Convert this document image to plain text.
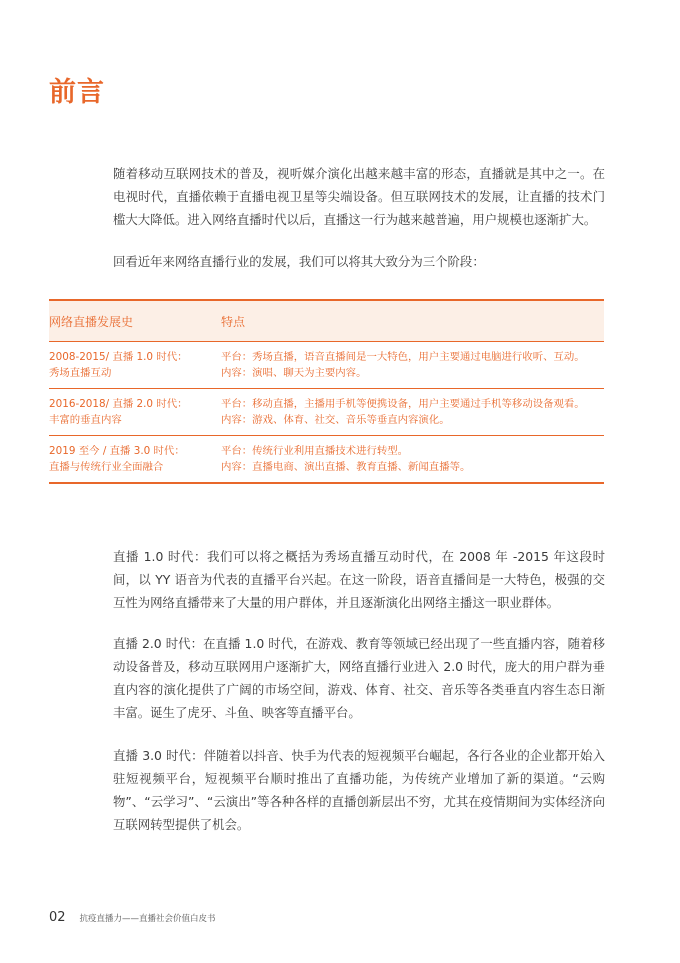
前言

随着移动互联网技术的普及，视听媒介演化出越来越丰富的形态，直播就是其中之一。在电视时代，直播依赖于直播电视卫星等尖端设备。但互联网技术的发展，让直播的技术门槛大大降低。进入网络直播时代以后，直播这一行为越来越普遍，用户规模也逐渐扩大。

回看近年来网络直播行业的发展，我们可以将其大致分为三个阶段：

网络直播发展史	特点
2008-2015/ 直播 1.0 时代：
秀场直播互动
平台：秀场直播，语音直播间是一大特色，用户主要通过电脑进行收听、互动。
内容：演唱、聊天为主要内容。
2016-2018/ 直播 2.0 时代：
丰富的垂直内容
平台：移动直播，主播用手机等便携设备，用户主要通过手机等移动设备观看。
内容：游戏、体育、社交、音乐等垂直内容演化。
2019 至今 / 直播 3.0 时代：
直播与传统行业全面融合
平台：传统行业利用直播技术进行转型。
内容：直播电商、演出直播、教育直播、新闻直播等。

直播 1.0 时代：我们可以将之概括为秀场直播互动时代，在 2008 年 -2015 年这段时间，以 YY 语音为代表的直播平台兴起。在这一阶段，语音直播间是一大特色，极强的交互性为网络直播带来了大量的用户群体，并且逐渐演化出网络主播这一职业群体。

直播 2.0 时代：在直播 1.0 时代，在游戏、教育等领域已经出现了一些直播内容，随着移动设备普及，移动互联网用户逐渐扩大，网络直播行业进入 2.0 时代，庞大的用户群为垂直内容的演化提供了广阔的市场空间，游戏、体育、社交、音乐等各类垂直内容生态日渐丰富。诞生了虎牙、斗鱼、映客等直播平台。

直播 3.0 时代：伴随着以抖音、快手为代表的短视频平台崛起，各行各业的企业都开始入驻短视频平台，短视频平台顺时推出了直播功能，为传统产业增加了新的渠道。“云购物”、“云学习”、“云演出”等各种各样的直播创新层出不穷，尤其在疫情期间为实体经济向互联网转型提供了机会。

02 抗疫直播力——直播社会价值白皮书
